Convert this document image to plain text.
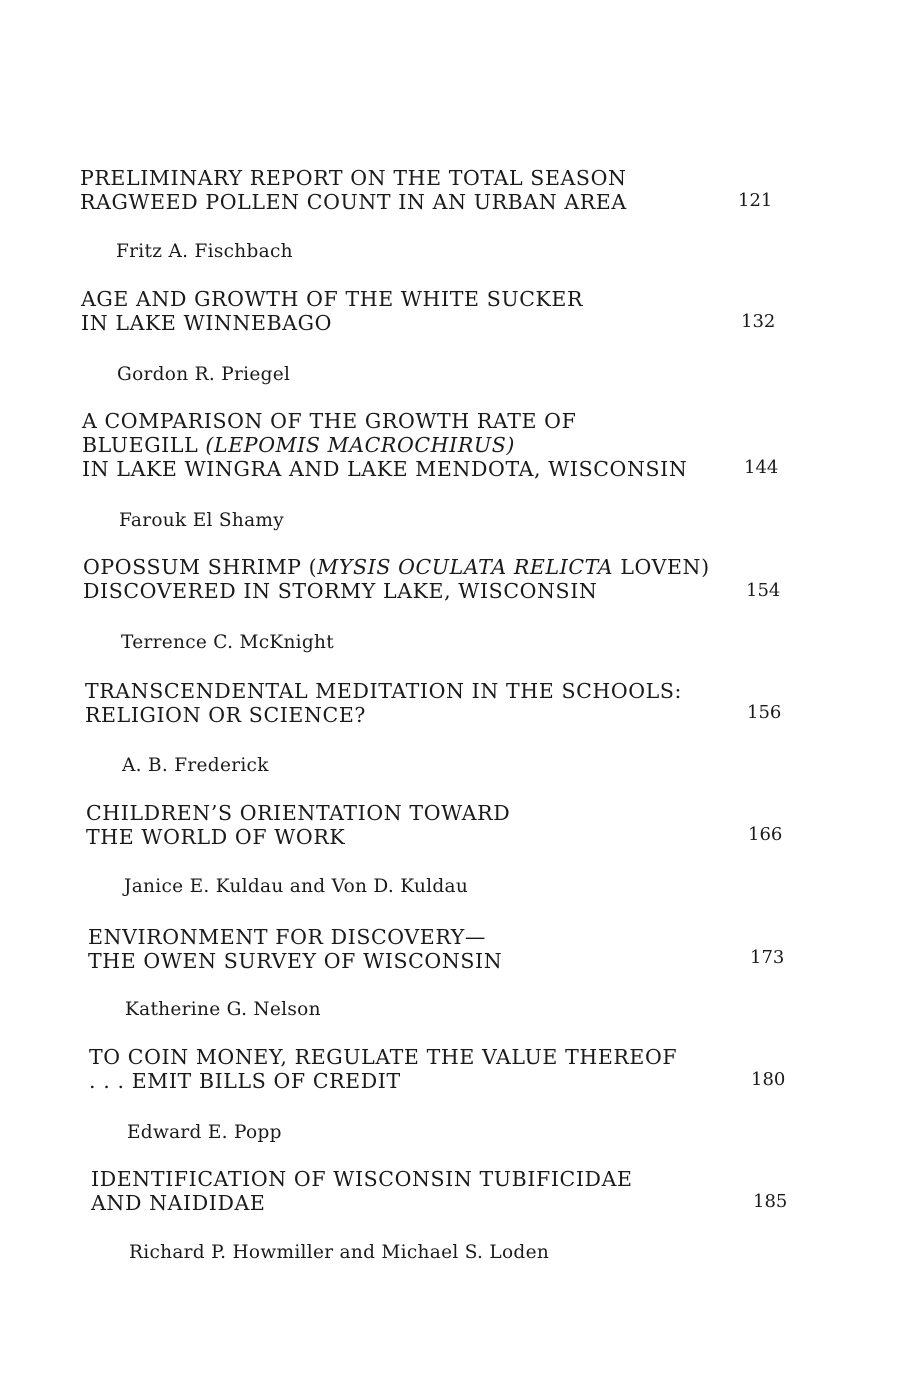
PRELIMINARY REPORT ON THE TOTAL SEASON
RAGWEED POLLEN COUNT IN AN URBAN AREA	121
Fritz A. Fischbach
AGE AND GROWTH OF THE WHITE SUCKER
IN LAKE WINNEBAGO	132
Gordon R. Priegel
A COMPARISON OF THE GROWTH RATE OF
BLUEGILL (LEPOMIS MACROCHIRUS)
IN LAKE WINGRA AND LAKE MENDOTA, WISCONSIN	144
Farouk El Shamy
OPOSSUM SHRIMP (MYSIS OCULATA RELICTA LOVEN)
DISCOVERED IN STORMY LAKE, WISCONSIN	154
Terrence C. McKnight
TRANSCENDENTAL MEDITATION IN THE SCHOOLS:
RELIGION OR SCIENCE?	156
A. B. Frederick
CHILDREN’S ORIENTATION TOWARD
THE WORLD OF WORK	166
Janice E. Kuldau and Von D. Kuldau
ENVIRONMENT FOR DISCOVERY—
THE OWEN SURVEY OF WISCONSIN	173
Katherine G. Nelson
TO COIN MONEY, REGULATE THE VALUE THEREOF
. . . EMIT BILLS OF CREDIT	180
Edward E. Popp
IDENTIFICATION OF WISCONSIN TUBIFICIDAE
AND NAIDIDAE	185
Richard P. Howmiller and Michael S. Loden
